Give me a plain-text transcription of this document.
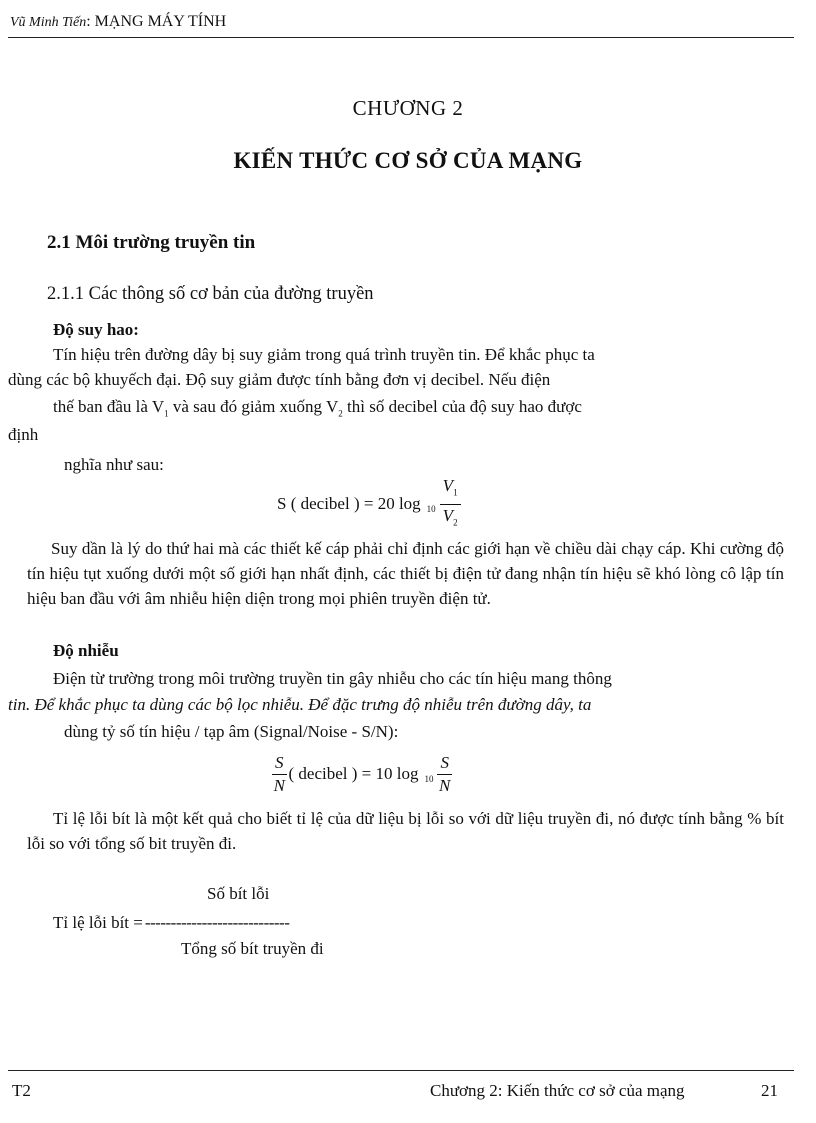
Vũ Minh Tiến: MẠNG MÁY TÍNH
CHƯƠNG 2
KIẾN THỨC CƠ SỞ CỦA MẠNG
2.1 Môi trường truyền tin
2.1.1 Các thông số cơ bản của đường truyền
Độ suy hao:
Tín hiệu trên đường dây bị suy giảm trong quá trình truyền tin. Để khắc phục ta
dùng các bộ khuyếch đại. Độ suy giảm được tính bằng đơn vị decibel. Nếu điện
thế ban đầu là $V_1$ và sau đó giảm xuống $V_2$ thì số decibel của độ suy hao được
định
nghĩa như sau:
S ( decibel ) = 20 $\log _{10} \frac{V_1}{V_2}$
Suy dần là lý do thứ hai mà các thiết kế cáp phải chỉ định các giới hạn về chiều dài chạy cáp. Khi cường độ tín hiệu tụt xuống dưới một số giới hạn nhất định, các thiết bị điện tử đang nhận tín hiệu sẽ khó lòng cô lập tín hiệu ban đầu với âm nhiễu hiện diện trong mọi phiên truyền điện tử.
Độ nhiễu
Điện từ trường trong môi trường truyền tin gây nhiễu cho các tín hiệu mang thông
tin. Để khắc phục ta dùng các bộ lọc nhiễu. Để đặc trưng độ nhiễu trên đường dây, ta
dùng tỷ số tín hiệu / tạp âm (Signal/Noise - S/N):
$\frac{S}{N}$ ( decibel ) = 10 $\log _{10} \frac{S}{N}$
Tỉ lệ lỗi bít là một kết quả cho biết tỉ lệ của dữ liệu bị lỗi so với dữ liệu truyền đi, nó được tính bằng % bít lỗi so với tổng số bit truyền đi.
Số bít lỗi
Tỉ lệ lỗi bít = ----------------------------
Tổng số bít truyền đi
T2	Chương 2: Kiến thức cơ sở của mạng	21
